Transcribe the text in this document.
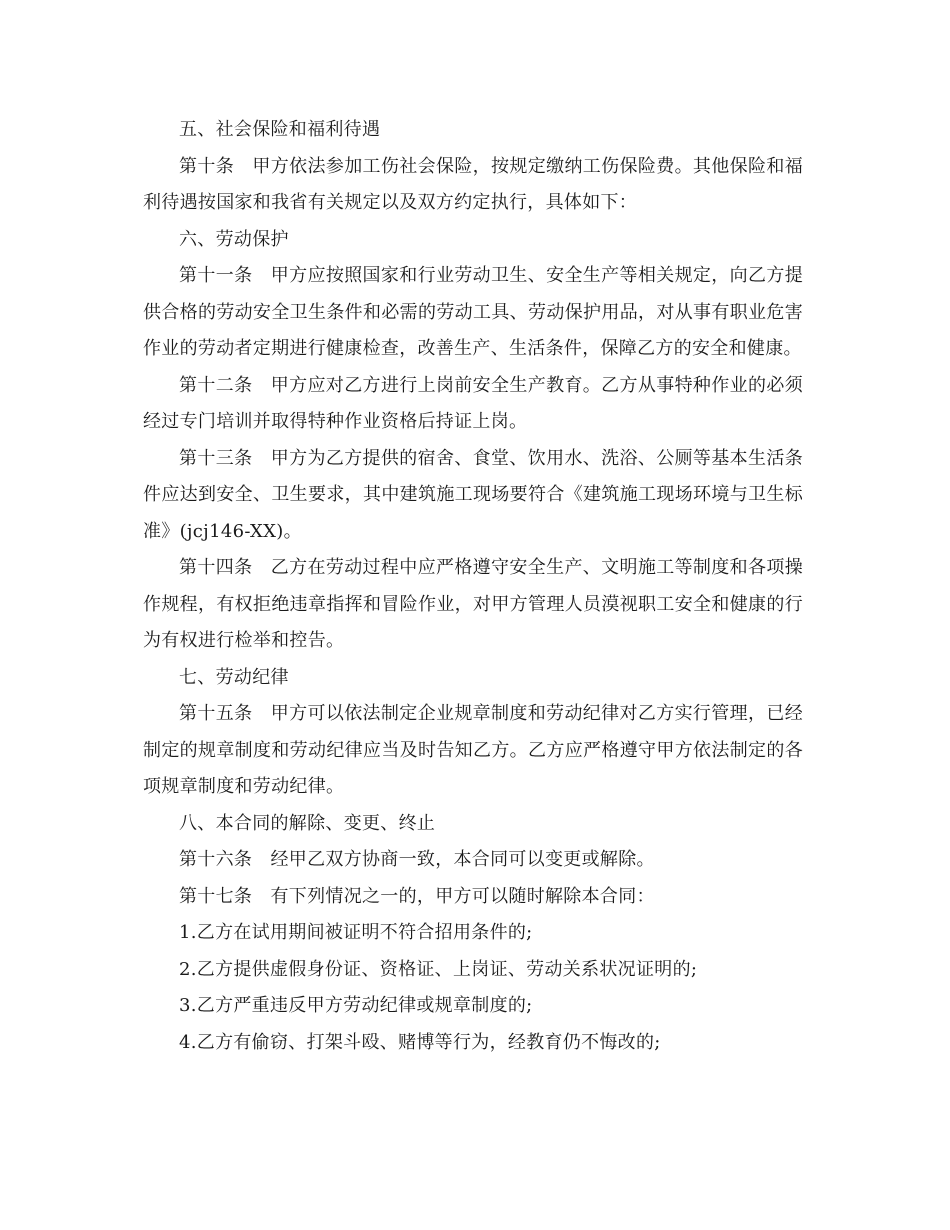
五、社会保险和福利待遇

第十条　甲方依法参加工伤社会保险，按规定缴纳工伤保险费。其他保险和福利待遇按国家和我省有关规定以及双方约定执行，具体如下：

六、劳动保护

第十一条　甲方应按照国家和行业劳动卫生、安全生产等相关规定，向乙方提供合格的劳动安全卫生条件和必需的劳动工具、劳动保护用品，对从事有职业危害作业的劳动者定期进行健康检查，改善生产、生活条件，保障乙方的安全和健康。

第十二条　甲方应对乙方进行上岗前安全生产教育。乙方从事特种作业的必须经过专门培训并取得特种作业资格后持证上岗。

第十三条　甲方为乙方提供的宿舍、食堂、饮用水、洗浴、公厕等基本生活条件应达到安全、卫生要求，其中建筑施工现场要符合《建筑施工现场环境与卫生标准》(jcj146-XX)。

第十四条　乙方在劳动过程中应严格遵守安全生产、文明施工等制度和各项操作规程，有权拒绝违章指挥和冒险作业，对甲方管理人员漠视职工安全和健康的行为有权进行检举和控告。

七、劳动纪律

第十五条　甲方可以依法制定企业规章制度和劳动纪律对乙方实行管理，已经制定的规章制度和劳动纪律应当及时告知乙方。乙方应严格遵守甲方依法制定的各项规章制度和劳动纪律。

八、本合同的解除、变更、终止

第十六条　经甲乙双方协商一致，本合同可以变更或解除。

第十七条　有下列情况之一的，甲方可以随时解除本合同：

1.乙方在试用期间被证明不符合招用条件的;

2.乙方提供虚假身份证、资格证、上岗证、劳动关系状况证明的;

3.乙方严重违反甲方劳动纪律或规章制度的;

4.乙方有偷窃、打架斗殴、赌博等行为，经教育仍不悔改的;
